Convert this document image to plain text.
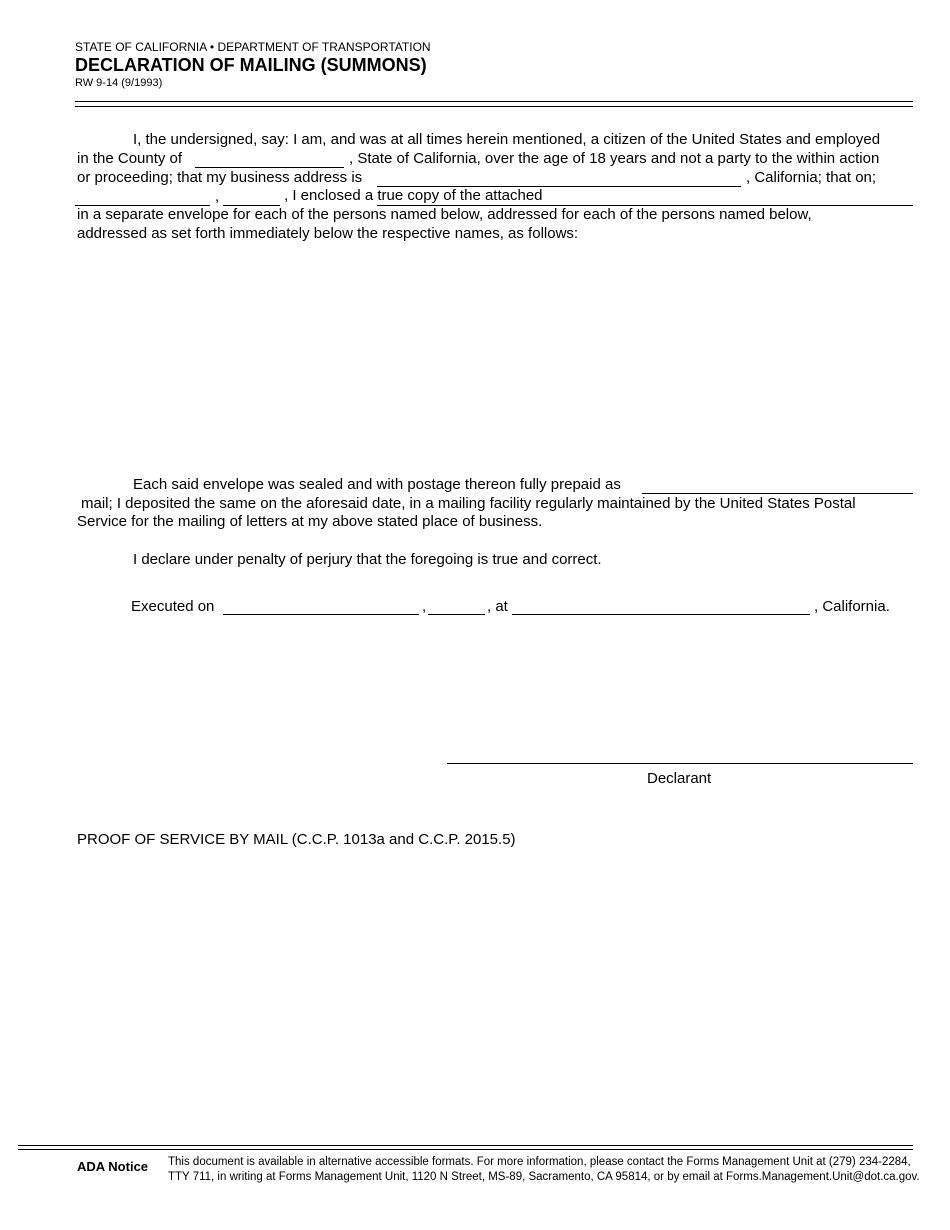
STATE OF CALIFORNIA • DEPARTMENT OF TRANSPORTATION
DECLARATION OF MAILING (SUMMONS)
RW 9-14 (9/1993)
I, the undersigned, say: I am, and was at all times herein mentioned, a citizen of the United States and employed
in the County of	, State of California, over the age of 18 years and not a party to the within action
or proceeding; that my business address is	, California; that on;
,	, I enclosed a true copy of the attached
in a separate envelope for each of the persons named below, addressed for each of the persons named below,
addressed as set forth immediately below the respective names, as follows:
Each said envelope was sealed and with postage thereon fully prepaid as
mail; I deposited the same on the aforesaid date, in a mailing facility regularly maintained by the United States Postal
Service for the mailing of letters at my above stated place of business.
I declare under penalty of perjury that the foregoing is true and correct.
Executed on	,	, at	, California.
Declarant
PROOF OF SERVICE BY MAIL (C.C.P. 1013a and C.C.P. 2015.5)
ADA Notice This document is available in alternative accessible formats. For more information, please contact the Forms Management Unit at (279) 234-2284,
TTY 711, in writing at Forms Management Unit, 1120 N Street, MS-89, Sacramento, CA 95814, or by email at Forms.Management.Unit@dot.ca.gov.
